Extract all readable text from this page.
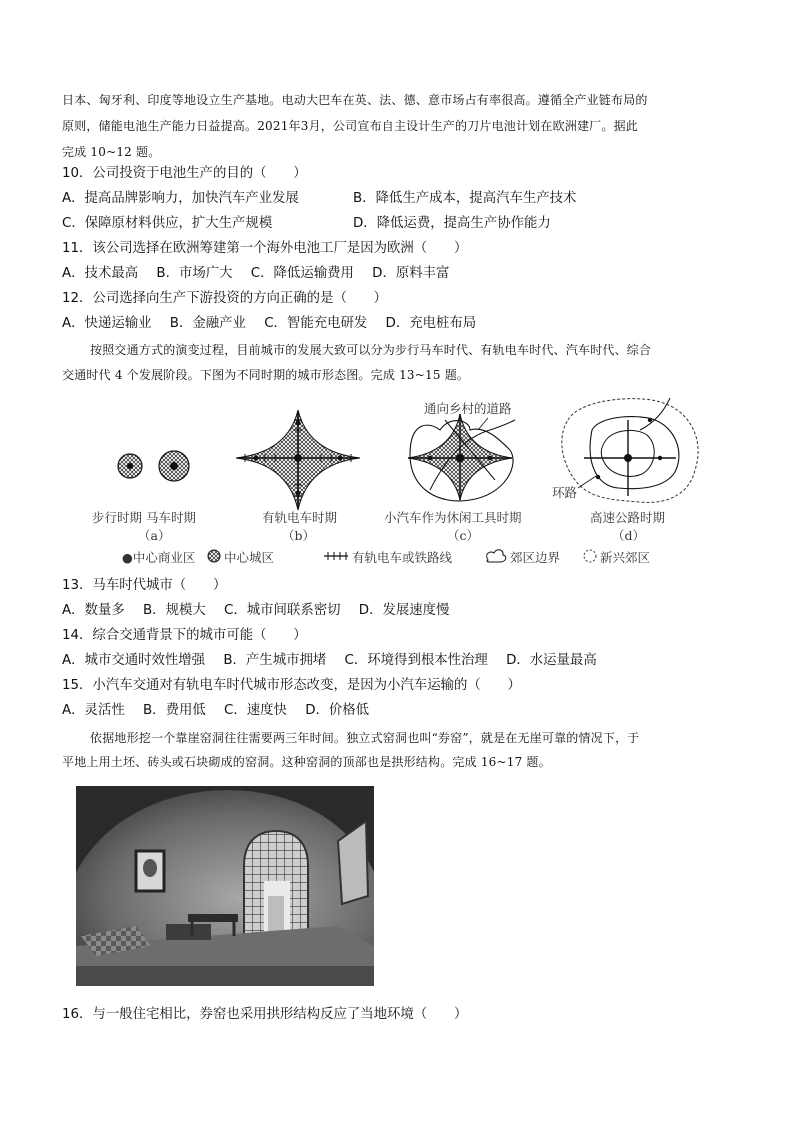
日本、匈牙利、印度等地设立生产基地。电动大巴车在英、法、德、意市场占有率很高。遵循全产业链布局的
原则，储能电池生产能力日益提高。2021年3月，公司宣布自主设计生产的刀片电池计划在欧洲建厂。据此
完成 10~12 题。
10．公司投资于电池生产的目的（　　）
A．提高品牌影响力，加快汽车产业发展	B．降低生产成本，提高汽车生产技术
C．保障原材料供应，扩大生产规模	D．降低运费，提高生产协作能力
11．该公司选择在欧洲筹建第一个海外电池工厂是因为欧洲（　　）
A．技术最高 B．市场广大 C．降低运输费用 D．原料丰富
12．公司选择向生产下游投资的方向正确的是（　　）
A．快递运输业 B．金融产业 C．智能充电研发 D．充电桩布局
按照交通方式的演变过程，目前城市的发展大致可以分为步行马车时代、有轨电车时代、汽车时代、综合
交通时代 4 个发展阶段。下图为不同时期的城市形态图。完成 13~15 题。
通向乡村的道路
环路
步行时期 马车时期
（a）
有轨电车时期
（b）
小汽车作为休闲工具时期
（c）
高速公路时期
（d）
●中心商业区 中心城区	有轨电车或铁路线	郊区边界	新兴郊区
13．马车时代城市（　　）
A．数量多 B．规模大 C．城市间联系密切 D．发展速度慢
14．综合交通背景下的城市可能（　　）
A．城市交通时效性增强 B．产生城市拥堵 C．环境得到根本性治理 D．水运量最高
15．小汽车交通对有轨电车时代城市形态改变，是因为小汽车运输的（　　）
A．灵活性 B．费用低 C．速度快 D．价格低
依据地形挖一个靠崖窑洞往往需要两三年时间。独立式窑洞也叫“券窑”，就是在无崖可靠的情况下，于
平地上用土坯、砖头或石块砌成的窑洞。这种窑洞的顶部也是拱形结构。完成 16~17 题。
16．与一般住宅相比，券窑也采用拱形结构反应了当地环境（　　）
